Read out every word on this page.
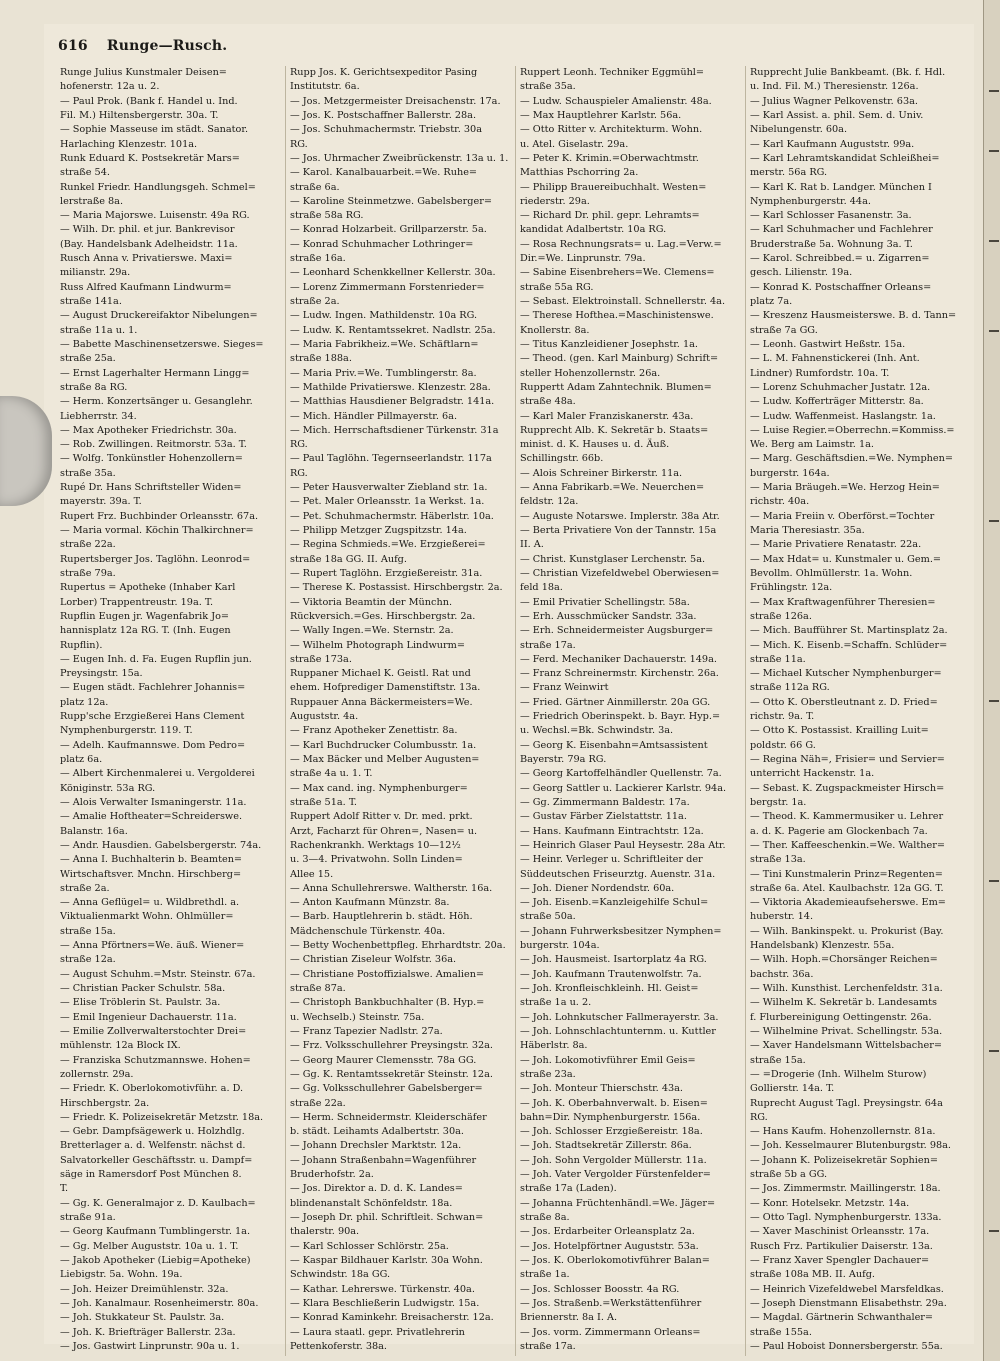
616 Runge—Rusch.
Runge Julius Kunstmaler Deisen=
hofenerstr. 12a u. 2.
— Paul Prok. (Bank f. Handel u. Ind.
Fil. M.) Hiltensbergerstr. 30a. T.
— Sophie Masseuse im städt. Sanator.
Harlaching Klenzestr. 101a.
Runk Eduard K. Postsekretär Mars=
straße 54.
Runkel Friedr. Handlungsgeh. Schmel=
lerstraße 8a.
— Maria Majorswe. Luisenstr. 49a RG.
— Wilh. Dr. phil. et jur. Bankrevisor
(Bay. Handelsbank Adelheidstr. 11a.
Rusch Anna v. Privatierswe. Maxi=
milianstr. 29a.
Russ Alfred Kaufmann Lindwurm=
straße 141a.
— August Druckereifaktor Nibelungen=
straße 11a u. 1.
— Babette Maschinensetzerswe. Sieges=
straße 25a.
— Ernst Lagerhalter Hermann Lingg=
straße 8a RG.
— Herm. Konzertsänger u. Gesanglehr.
Liebherrstr. 34.
— Max Apotheker Friedrichstr. 30a.
— Rob. Zwillingen. Reitmorstr. 53a. T.
— Wolfg. Tonkünstler Hohenzollern=
straße 35a.
Rupé Dr. Hans Schriftsteller Widen=
mayerstr. 39a. T.
Rupert Frz. Buchbinder Orleansstr. 67a.
— Maria vormal. Köchin Thalkirchner=
straße 22a.
Rupertsberger Jos. Taglöhn. Leonrod=
straße 79a.
Rupertus = Apotheke (Inhaber Karl
Lorber) Trappentreustr. 19a. T.
Rupflin Eugen jr. Wagenfabrik Jo=
hannisplatz 12a RG. T. (Inh. Eugen
Rupflin).
— Eugen Inh. d. Fa. Eugen Rupflin jun.
Preysingstr. 15a.
— Eugen städt. Fachlehrer Johannis=
platz 12a.
Rupp'sche Erzgießerei Hans Clement
Nymphenburgerstr. 119. T.
— Adelh. Kaufmannswe. Dom Pedro=
platz 6a.
— Albert Kirchenmalerei u. Vergolderei
Königinstr. 53a RG.
— Alois Verwalter Ismaningerstr. 11a.
— Amalie Hoftheater=Schreiderswe.
Balanstr. 16a.
— Andr. Hausdien. Gabelsbergerstr. 74a.
— Anna I. Buchhalterin b. Beamten=
Wirtschaftsver. Mnchn. Hirschberg=
straße 2a.
— Anna Geflügel= u. Wildbrethdl. a.
Viktualienmarkt Wohn. Ohlmüller=
straße 15a.
— Anna Pförtners=We. äuß. Wiener=
straße 12a.
— August Schuhm.=Mstr. Steinstr. 67a.
— Christian Packer Schulstr. 58a.
— Elise Tröblerin St. Paulstr. 3a.
— Emil Ingenieur Dachauerstr. 11a.
— Emilie Zollverwalterstochter Drei=
mühlenstr. 12a Block IX.
— Franziska Schutzmannswe. Hohen=
zollernstr. 29a.
— Friedr. K. Oberlokomotivführ. a. D.
Hirschbergstr. 2a.
— Friedr. K. Polizeisekretär Metzstr. 18a.
— Gebr. Dampfsägewerk u. Holzhdlg.
Bretterlager a. d. Welfenstr. nächst d.
Salvatorkeller Geschäftsstr. u. Dampf=
säge in Ramersdorf Post München 8.
T.
— Gg. K. Generalmajor z. D. Kaulbach=
straße 91a.
— Georg Kaufmann Tumblingerstr. 1a.
— Gg. Melber Auguststr. 10a u. 1. T.
— Jakob Apotheker (Liebig=Apotheke)
Liebigstr. 5a. Wohn. 19a.
— Joh. Heizer Dreimühlenstr. 32a.
— Joh. Kanalmaur. Rosenheimerstr. 80a.
— Joh. Stukkateur St. Paulstr. 3a.
— Joh. K. Briefträger Ballerstr. 23a.
— Jos. Gastwirt Linprunstr. 90a u. 1.
Rupp Jos. K. Gerichtsexpeditor Pasing
Institutstr. 6a.
— Jos. Metzgermeister Dreisachenstr. 17a.
— Jos. K. Postschaffner Ballerstr. 28a.
— Jos. Schuhmachermstr. Triebstr. 30a
RG.
— Jos. Uhrmacher Zweibrückenstr. 13a u. 1.
— Karol. Kanalbauarbeit.=We. Ruhe=
straße 6a.
— Karoline Steinmetzwe. Gabelsberger=
straße 58a RG.
— Konrad Holzarbeit. Grillparzerstr. 5a.
— Konrad Schuhmacher Lothringer=
straße 16a.
— Leonhard Schenkkellner Kellerstr. 30a.
— Lorenz Zimmermann Forstenrieder=
straße 2a.
— Ludw. Ingen. Mathildenstr. 10a RG.
— Ludw. K. Rentamtssekret. Nadlstr. 25a.
— Maria Fabrikheiz.=We. Schäftlarn=
straße 188a.
— Maria Priv.=We. Tumblingerstr. 8a.
— Mathilde Privatierswe. Klenzestr. 28a.
— Matthias Hausdiener Belgradstr. 141a.
— Mich. Händler Pillmayerstr. 6a.
— Mich. Herrschaftsdiener Türkenstr. 31a
RG.
— Paul Taglöhn. Tegernseerlandstr. 117a
RG.
— Peter Hausverwalter Ziebland str. 1a.
— Pet. Maler Orleansstr. 1a Werkst. 1a.
— Pet. Schuhmachermstr. Häberlstr. 10a.
— Philipp Metzger Zugspitzstr. 14a.
— Regina Schmieds.=We. Erzgießerei=
straße 18a GG. II. Aufg.
— Rupert Taglöhn. Erzgießereistr. 31a.
— Therese K. Postassist. Hirschbergstr. 2a.
— Viktoria Beamtin der Münchn.
Rückversich.=Ges. Hirschbergstr. 2a.
— Wally Ingen.=We. Sternstr. 2a.
— Wilhelm Photograph Lindwurm=
straße 173a.
Ruppaner Michael K. Geistl. Rat und
ehem. Hofprediger Damenstiftstr. 13a.
Ruppauer Anna Bäckermeisters=We.
Auguststr. 4a.
— Franz Apotheker Zenettistr. 8a.
— Karl Buchdrucker Columbusstr. 1a.
— Max Bäcker und Melber Augusten=
straße 4a u. 1. T.
— Max cand. ing. Nymphenburger=
straße 51a. T.
Ruppert Adolf Ritter v. Dr. med. prkt.
Arzt, Facharzt für Ohren=, Nasen= u.
Rachenkrankh. Werktags 10—12½
u. 3—4. Privatwohn. Solln Linden=
Allee 15.
— Anna Schullehrerswe. Waltherstr. 16a.
— Anton Kaufmann Münzstr. 8a.
— Barb. Hauptlehrerin b. städt. Höh.
Mädchenschule Türkenstr. 40a.
— Betty Wochenbettpfleg. Ehrhardtstr. 20a.
— Christian Ziseleur Wolfstr. 36a.
— Christiane Postoffizialswe. Amalien=
straße 87a.
— Christoph Bankbuchhalter (B. Hyp.=
u. Wechselb.) Steinstr. 75a.
— Franz Tapezier Nadlstr. 27a.
— Frz. Volksschullehrer Preysingstr. 32a.
— Georg Maurer Clemensstr. 78a GG.
— Gg. K. Rentamtssekretär Steinstr. 12a.
— Gg. Volksschullehrer Gabelsberger=
straße 22a.
— Herm. Schneidermstr. Kleiderschäfer
b. städt. Leihamts Adalbertstr. 30a.
— Johann Drechsler Marktstr. 12a.
— Johann Straßenbahn=Wagenführer
Bruderhofstr. 2a.
— Jos. Direktor a. D. d. K. Landes=
blindenanstalt Schönfeldstr. 18a.
— Joseph Dr. phil. Schriftleit. Schwan=
thalerstr. 90a.
— Karl Schlosser Schlörstr. 25a.
— Kaspar Bildhauer Karlstr. 30a Wohn.
Schwindstr. 18a GG.
— Kathar. Lehrerswe. Türkenstr. 40a.
— Klara Beschließerin Ludwigstr. 15a.
— Konrad Kaminkehr. Breisacherstr. 12a.
— Laura staatl. gepr. Privatlehrerin
Pettenkoferstr. 38a.
Ruppert Leonh. Techniker Eggmühl=
straße 35a.
— Ludw. Schauspieler Amalienstr. 48a.
— Max Hauptlehrer Karlstr. 56a.
— Otto Ritter v. Architekturm. Wohn.
u. Atel. Giselastr. 29a.
— Peter K. Krimin.=Oberwachtmstr.
Matthias Pschorring 2a.
— Philipp Brauereibuchhalt. Westen=
riederstr. 29a.
— Richard Dr. phil. gepr. Lehramts=
kandidat Adalbertstr. 10a RG.
— Rosa Rechnungsrats= u. Lag.=Verw.=
Dir.=We. Linprunstr. 79a.
— Sabine Eisenbrehers=We. Clemens=
straße 55a RG.
— Sebast. Elektroinstall. Schnellerstr. 4a.
— Therese Hofthea.=Maschinistenswe.
Knollerstr. 8a.
— Titus Kanzleidiener Josephstr. 1a.
— Theod. (gen. Karl Mainburg) Schrift=
steller Hohenzollernstr. 26a.
Ruppertt Adam Zahntechnik. Blumen=
straße 48a.
— Karl Maler Franziskanerstr. 43a.
Rupprecht Alb. K. Sekretär b. Staats=
minist. d. K. Hauses u. d. Äuß.
Schillingstr. 66b.
— Alois Schreiner Birkerstr. 11a.
— Anna Fabrikarb.=We. Neuerchen=
feldstr. 12a.
— Auguste Notarswe. Implerstr. 38a Atr.
— Berta Privatiere Von der Tannstr. 15a
II. A.
— Christ. Kunstglaser Lerchenstr. 5a.
— Christian Vizefeldwebel Oberwiesen=
feld 18a.
— Emil Privatier Schellingstr. 58a.
— Erh. Ausschmücker Sandstr. 33a.
— Erh. Schneidermeister Augsburger=
straße 17a.
— Ferd. Mechaniker Dachauerstr. 149a.
— Franz Schreinermstr. Kirchenstr. 26a.
— Franz Weinwirt
— Fried. Gärtner Ainmillerstr. 20a GG.
— Friedrich Oberinspekt. b. Bayr. Hyp.=
u. Wechsl.=Bk. Schwindstr. 3a.
— Georg K. Eisenbahn=Amtsassistent
Bayerstr. 79a RG.
— Georg Kartoffelhändler Quellenstr. 7a.
— Georg Sattler u. Lackierer Karlstr. 94a.
— Gg. Zimmermann Baldestr. 17a.
— Gustav Färber Zielstattstr. 11a.
— Hans. Kaufmann Eintrachtstr. 12a.
— Heinrich Glaser Paul Heysestr. 28a Atr.
— Heinr. Verleger u. Schriftleiter der
Süddeutschen Friseurztg. Auenstr. 31a.
— Joh. Diener Nordendstr. 60a.
— Joh. Eisenb.=Kanzleigehilfe Schul=
straße 50a.
— Johann Fuhrwerksbesitzer Nymphen=
burgerstr. 104a.
— Joh. Hausmeist. Isartorplatz 4a RG.
— Joh. Kaufmann Trautenwolfstr. 7a.
— Joh. Kronfleischkleinh. Hl. Geist=
straße 1a u. 2.
— Joh. Lohnkutscher Fallmerayerstr. 3a.
— Joh. Lohnschlachtunternm. u. Kuttler
Häberlstr. 8a.
— Joh. Lokomotivführer Emil Geis=
straße 23a.
— Joh. Monteur Thierschstr. 43a.
— Joh. K. Oberbahnverwalt. b. Eisen=
bahn=Dir. Nymphenburgerstr. 156a.
— Joh. Schlosser Erzgießereistr. 18a.
— Joh. Stadtsekretär Zillerstr. 86a.
— Joh. Sohn Vergolder Müllerstr. 11a.
— Joh. Vater Vergolder Fürstenfelder=
straße 17a (Laden).
— Johanna Früchtenhändl.=We. Jäger=
straße 8a.
— Jos. Erdarbeiter Orleansplatz 2a.
— Jos. Hotelpförtner Auguststr. 53a.
— Jos. K. Oberlokomotivführer Balan=
straße 1a.
— Jos. Schlosser Boosstr. 4a RG.
— Jos. Straßenb.=Werkstättenführer
Briennerstr. 8a I. A.
— Jos. vorm. Zimmermann Orleans=
straße 17a.
Rupprecht Julie Bankbeamt. (Bk. f. Hdl.
u. Ind. Fil. M.) Theresienstr. 126a.
— Julius Wagner Pelkovenstr. 63a.
— Karl Assist. a. phil. Sem. d. Univ.
Nibelungenstr. 60a.
— Karl Kaufmann Auguststr. 99a.
— Karl Lehramtskandidat Schleißhei=
merstr. 56a RG.
— Karl K. Rat b. Landger. München I
Nymphenburgerstr. 44a.
— Karl Schlosser Fasanenstr. 3a.
— Karl Schuhmacher und Fachlehrer
Bruderstraße 5a. Wohnung 3a. T.
— Karol. Schreibbed.= u. Zigarren=
gesch. Lilienstr. 19a.
— Konrad K. Postschaffner Orleans=
platz 7a.
— Kreszenz Hausmeisterswe. B. d. Tann=
straße 7a GG.
— Leonh. Gastwirt Heßstr. 15a.
— L. M. Fahnenstickerei (Inh. Ant.
Lindner) Rumfordstr. 10a. T.
— Lorenz Schuhmacher Justatr. 12a.
— Ludw. Kofferträger Mitterstr. 8a.
— Ludw. Waffenmeist. Haslangstr. 1a.
— Luise Regier.=Oberrechn.=Kommiss.=
We. Berg am Laimstr. 1a.
— Marg. Geschäftsdien.=We. Nymphen=
burgerstr. 164a.
— Maria Bräugeh.=We. Herzog Hein=
richstr. 40a.
— Maria Freiin v. Oberförst.=Tochter
Maria Theresiastr. 35a.
— Marie Privatiere Renatastr. 22a.
— Max Hdat= u. Kunstmaler u. Gem.=
Bevollm. Ohlmüllerstr. 1a. Wohn.
Frühlingstr. 12a.
— Max Kraftwagenführer Theresien=
straße 126a.
— Mich. Baufführer St. Martinsplatz 2a.
— Mich. K. Eisenb.=Schaffn. Schlüder=
straße 11a.
— Michael Kutscher Nymphenburger=
straße 112a RG.
— Otto K. Oberstleutnant z. D. Fried=
richstr. 9a. T.
— Otto K. Postassist. Krailling Luit=
poldstr. 66 G.
— Regina Näh=, Frisier= und Servier=
unterricht Hackenstr. 1a.
— Sebast. K. Zugspackmeister Hirsch=
bergstr. 1a.
— Theod. K. Kammermusiker u. Lehrer
a. d. K. Pagerie am Glockenbach 7a.
— Ther. Kaffeeschenkin.=We. Walther=
straße 13a.
— Tini Kunstmalerin Prinz=Regenten=
straße 6a. Atel. Kaulbachstr. 12a GG. T.
— Viktoria Akademieaufseherswe. Em=
huberstr. 14.
— Wilh. Bankinspekt. u. Prokurist (Bay.
Handelsbank) Klenzestr. 55a.
— Wilh. Hoph.=Chorsänger Reichen=
bachstr. 36a.
— Wilh. Kunsthist. Lerchenfeldstr. 31a.
— Wilhelm K. Sekretär b. Landesamts
f. Flurbereinigung Oettingenstr. 26a.
— Wilhelmine Privat. Schellingstr. 53a.
— Xaver Handelsmann Wittelsbacher=
straße 15a.
— =Drogerie (Inh. Wilhelm Sturow)
Gollierstr. 14a. T.
Ruprecht August Tagl. Preysingstr. 64a
RG.
— Hans Kaufm. Hohenzollernstr. 81a.
— Joh. Kesselmaurer Blutenburgstr. 98a.
— Johann K. Polizeisekretär Sophien=
straße 5b a GG.
— Jos. Zimmermstr. Maillingerstr. 18a.
— Konr. Hotelsekr. Metzstr. 14a.
— Otto Tagl. Nymphenburgerstr. 133a.
— Xaver Maschinist Orleansstr. 17a.
Rusch Frz. Partikulier Daiserstr. 13a.
— Franz Xaver Spengler Dachauer=
straße 108a MB. II. Aufg.
— Heinrich Vizefeldwebel Marsfeldkas.
— Joseph Dienstmann Elisabethstr. 29a.
— Magdal. Gärtnerin Schwanthaler=
straße 155a.
— Paul Hoboist Donnersbergerstr. 55a.
